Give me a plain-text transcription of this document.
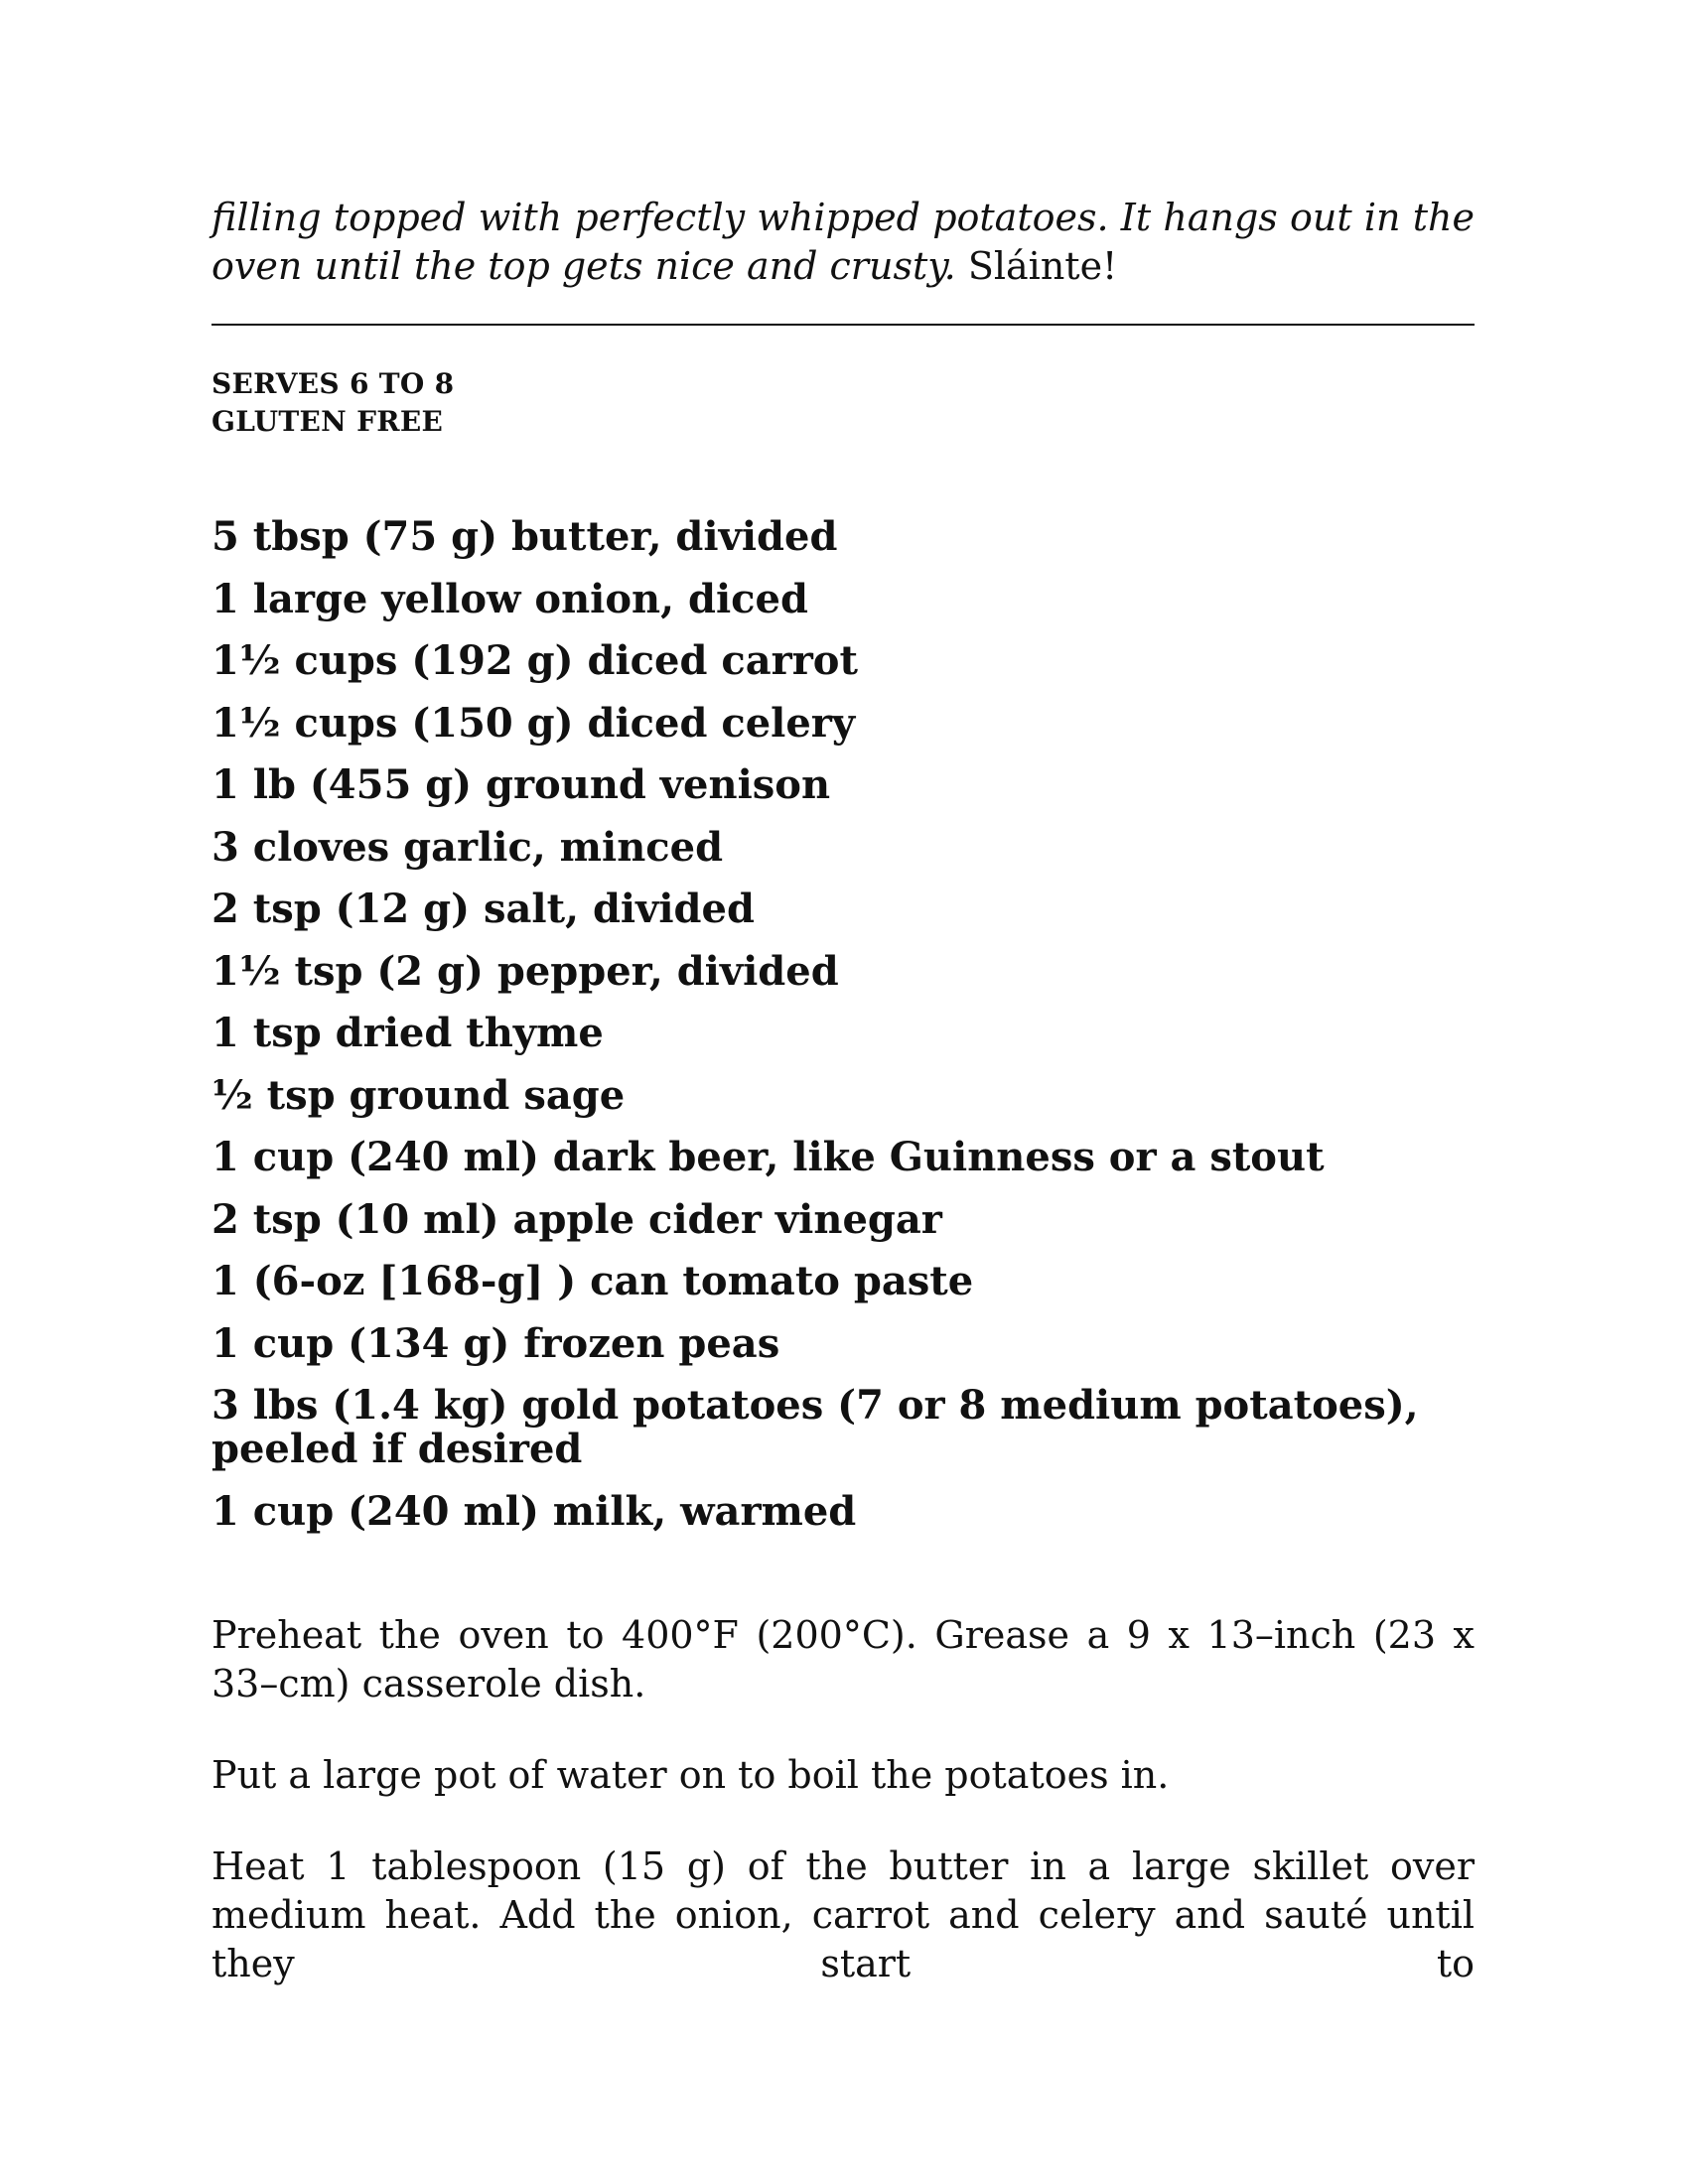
filling topped with perfectly whipped potatoes. It hangs out in the oven until the top gets nice and crusty. Sláinte!

SERVES 6 TO 8
GLUTEN FREE
5 tbsp (75 g) butter, divided
1 large yellow onion, diced
1½ cups (192 g) diced carrot
1½ cups (150 g) diced celery
1 lb (455 g) ground venison
3 cloves garlic, minced
2 tsp (12 g) salt, divided
1½ tsp (2 g) pepper, divided
1 tsp dried thyme
½ tsp ground sage
1 cup (240 ml) dark beer, like Guinness or a stout
2 tsp (10 ml) apple cider vinegar
1 (6-oz [168-g] ) can tomato paste
1 cup (134 g) frozen peas
3 lbs (1.4 kg) gold potatoes (7 or 8 medium potatoes), peeled if desired
1 cup (240 ml) milk, warmed

Preheat the oven to 400°F (200°C). Grease a 9 x 13–inch (23 x 33–cm) casserole dish.

Put a large pot of water on to boil the potatoes in.

Heat 1 tablespoon (15 g) of the butter in a large skillet over medium heat. Add the onion, carrot and celery and sauté until they start to
